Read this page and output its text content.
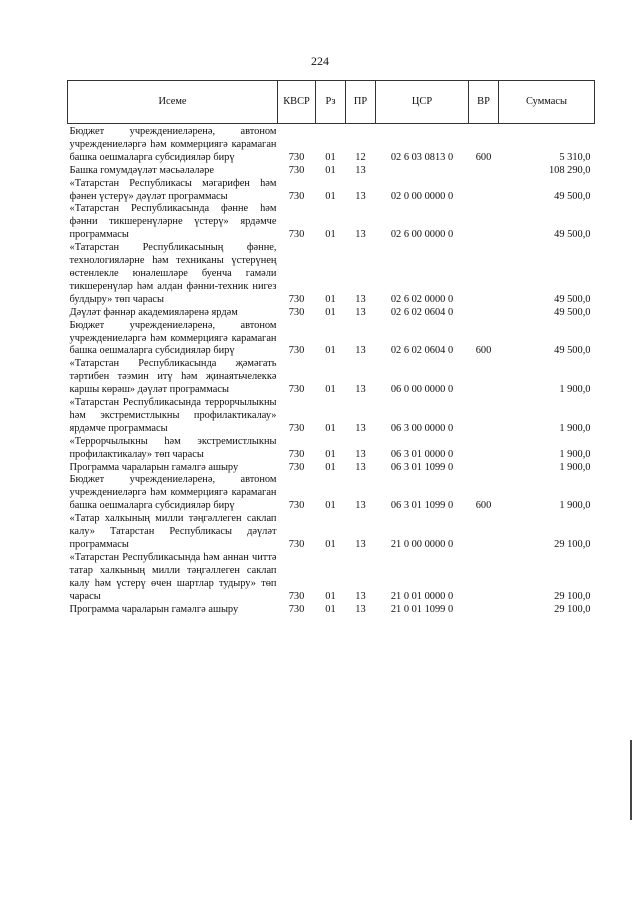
224
Исеме	КВСР	Рз	ПР	ЦСР	ВР	Суммасы
Бюджет учреждениеләренә, автоном учреждениеләргә һәм коммерциягә карамаган башка оешмаларга субсидияләр бирү	730	01	12	02 6 03 0813 0	600	5 310,0
Башка гомумдәүләт мәсьәләләре	730	01	13			108 290,0
«Татарстан Республикасы мәгарифен һәм фәнен үстерү» дәүләт программасы	730	01	13	02 0 00 0000 0		49 500,0
«Татарстан Республикасында фәнне һәм фәнни тикшеренүләрне үстерү» ярдәмче программасы	730	01	13	02 6 00 0000 0		49 500,0
«Татарстан Республикасының фәнне, технологияләрне һәм техниканы үстерүнең өстенлекле юнәлешләре буенча гамәли тикшеренүләр һәм алдан фәнни-техник нигез булдыру» төп чарасы	730	01	13	02 6 02 0000 0		49 500,0
Дәүләт фәннәр академияләренә ярдәм	730	01	13	02 6 02 0604 0		49 500,0
Бюджет учреждениеләренә, автоном учреждениеләргә һәм коммерциягә карамаган башка оешмаларга субсидияләр бирү	730	01	13	02 6 02 0604 0	600	49 500,0
«Татарстан Республикасында җәмәгать тәртибен тәэмин итү һәм җинаятьчелеккә каршы көрәш» дәүләт программасы	730	01	13	06 0 00 0000 0		1 900,0
«Татарстан Республикасында террорчылыкны һәм экстремистлыкны профилактикалау» ярдәмче программасы	730	01	13	06 3 00 0000 0		1 900,0
«Террорчылыкны һәм экстремистлыкны профилактикалау» төп чарасы	730	01	13	06 3 01 0000 0		1 900,0
Программа чараларын гамәлгә ашыру	730	01	13	06 3 01 1099 0		1 900,0
Бюджет учреждениеләренә, автоном учреждениеләргә һәм коммерциягә карамаган башка оешмаларга субсидияләр бирү	730	01	13	06 3 01 1099 0	600	1 900,0
«Татар халкының милли тәңгәллеген саклап калу» Татарстан Республикасы дәүләт программасы	730	01	13	21 0 00 0000 0		29 100,0
«Татарстан Республикасында һәм аннан читтә татар халкының милли тәңгәллеген саклап калу һәм үстерү өчен шартлар тудыру» төп чарасы	730	01	13	21 0 01 0000 0		29 100,0
Программа чараларын гамәлгә ашыру	730	01	13	21 0 01 1099 0		29 100,0
